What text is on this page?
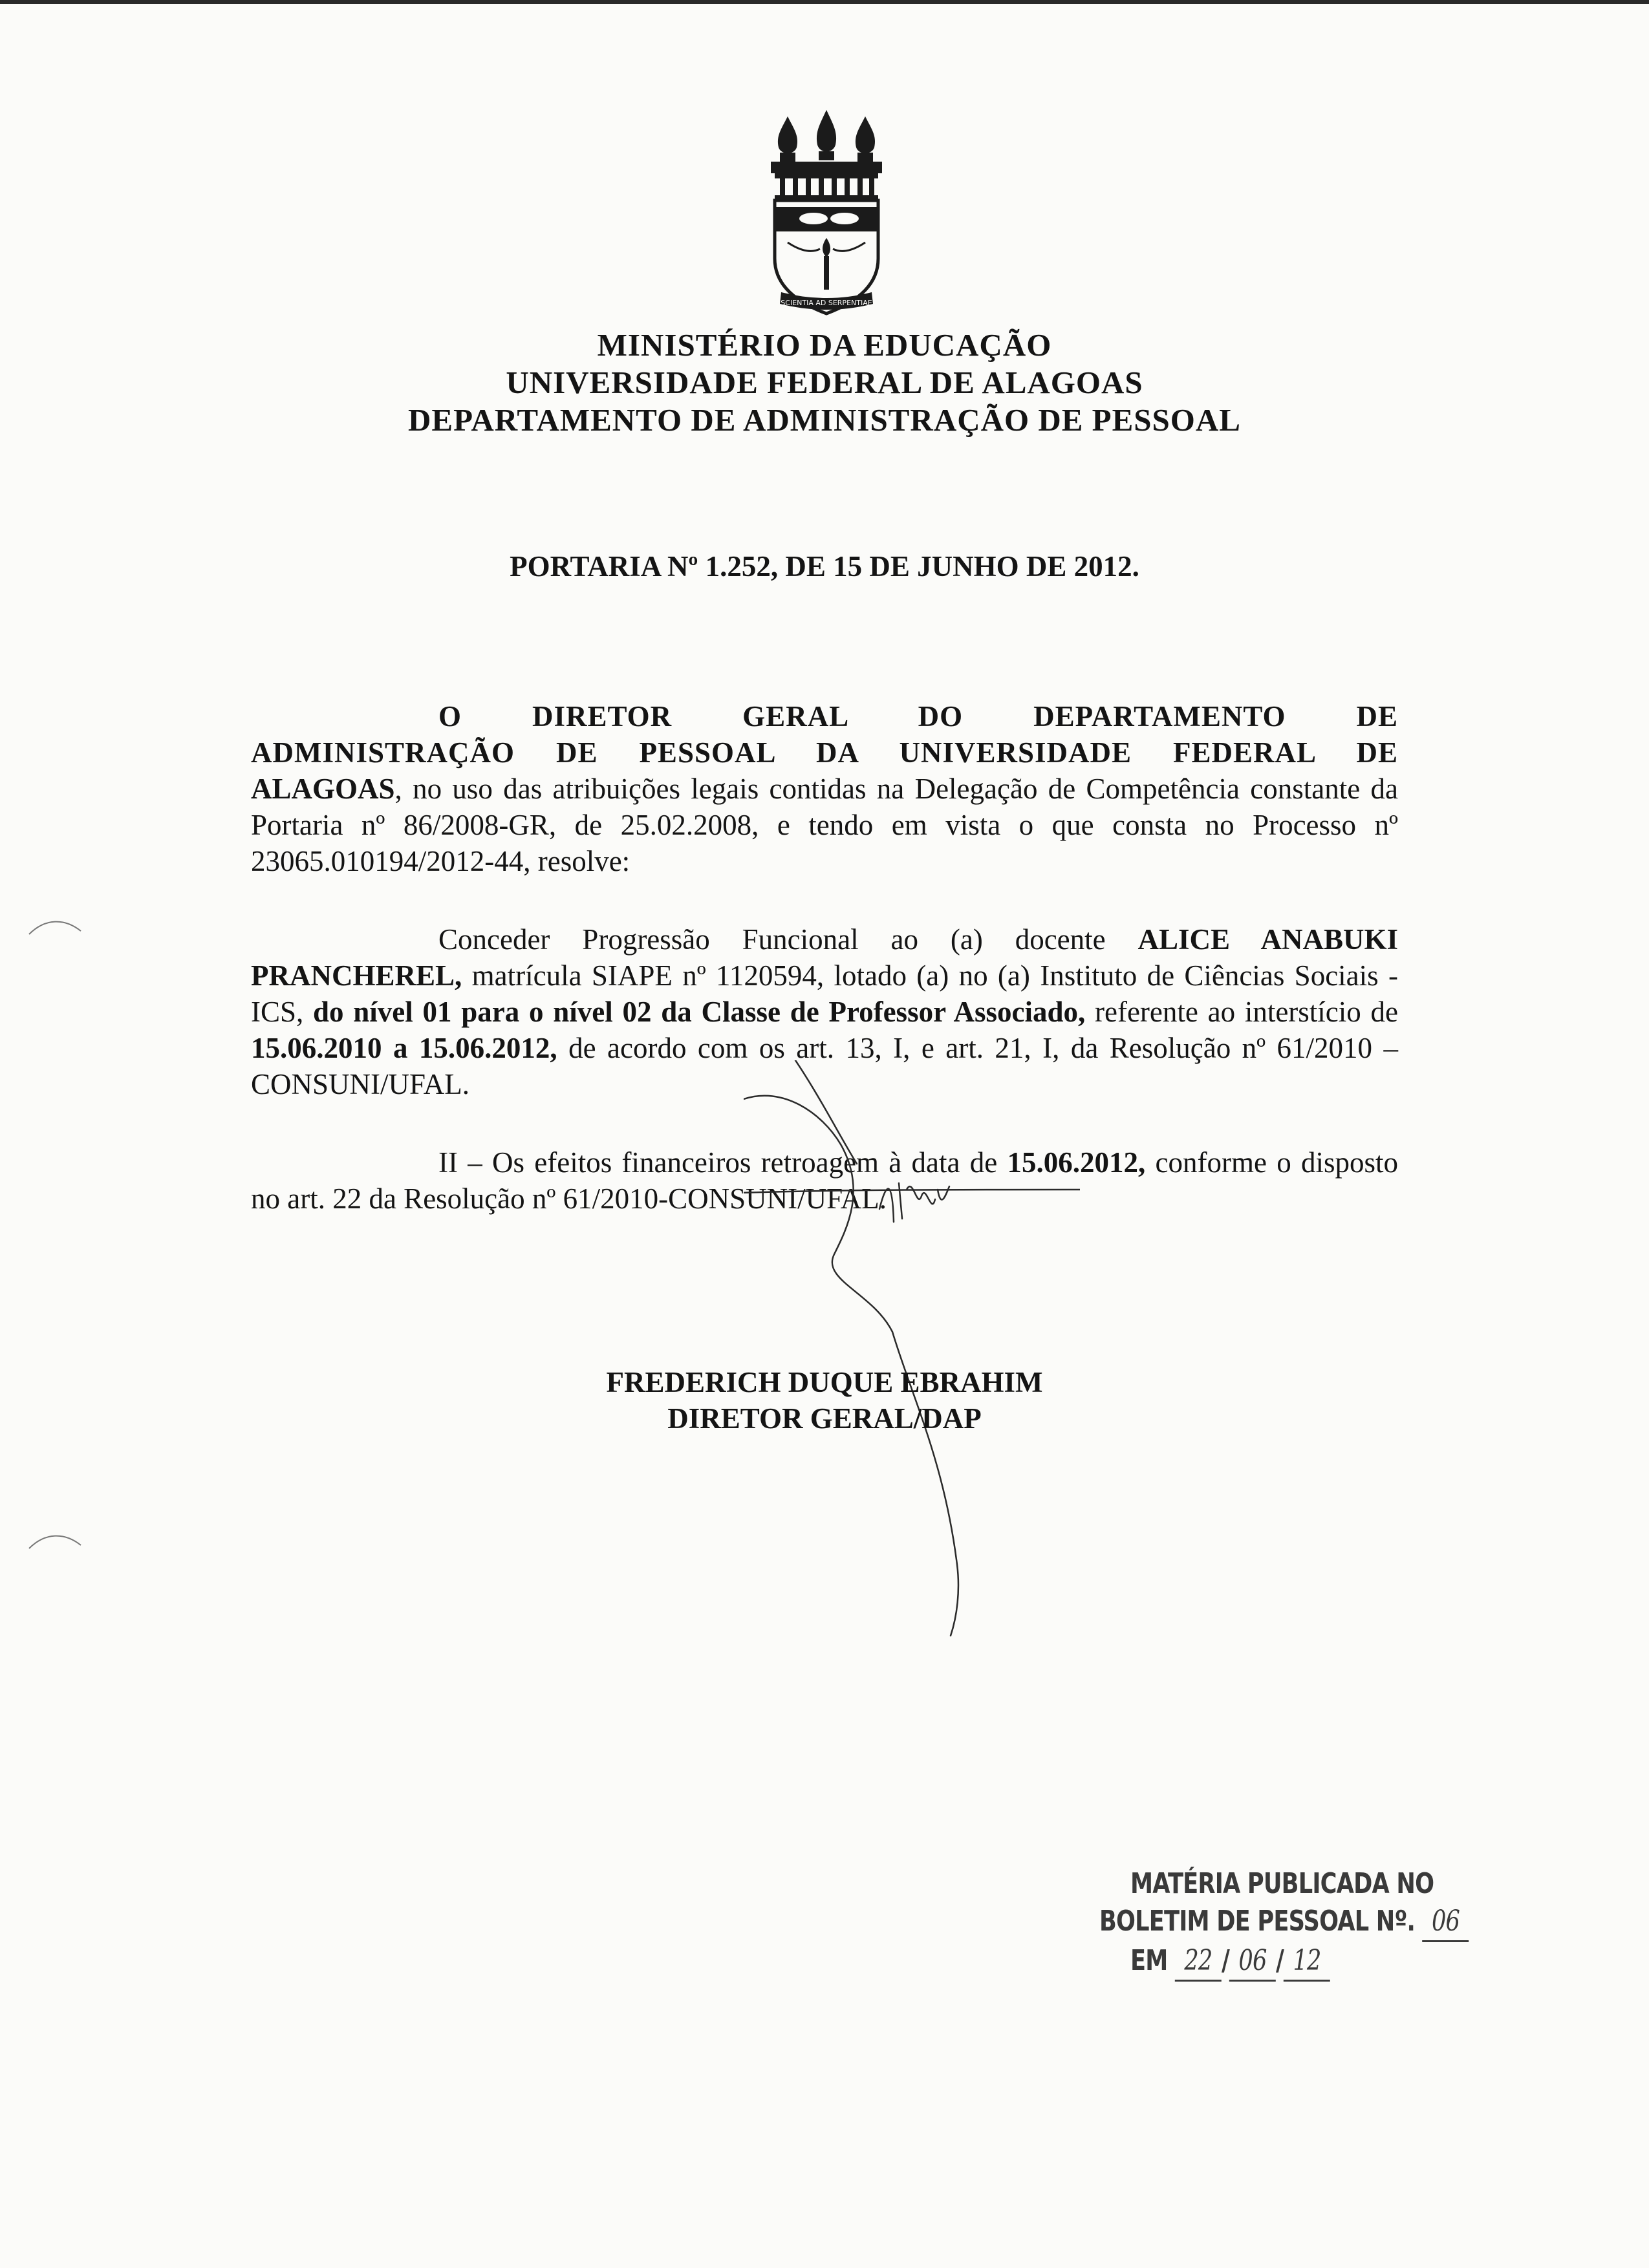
SCIENTIA AD SERPENTIAE
MINISTÉRIO DA EDUCAÇÃO
UNIVERSIDADE FEDERAL DE ALAGOAS
DEPARTAMENTO DE ADMINISTRAÇÃO DE PESSOAL
PORTARIA Nº 1.252, DE 15 DE JUNHO DE 2012.
O DIRETOR GERAL DO DEPARTAMENTO DE
ADMINISTRAÇÃO DE PESSOAL DA UNIVERSIDADE FEDERAL DE
ALAGOAS, no uso das atribuições legais contidas na Delegação de Competência constante da Portaria nº 86/2008-GR, de 25.02.2008, e tendo em vista o que consta no Processo nº 23065.010194/2012-44, resolve:
Conceder Progressão Funcional ao (a) docente ALICE ANABUKI PRANCHEREL, matrícula SIAPE nº 1120594, lotado (a) no (a) Instituto de Ciências Sociais - ICS, do nível 01 para o nível 02 da Classe de Professor Associado, referente ao interstício de 15.06.2010 a 15.06.2012, de acordo com os art. 13, I, e art. 21, I, da Resolução nº 61/2010 – CONSUNI/UFAL.
II – Os efeitos financeiros retroagem à data de 15.06.2012, conforme o disposto no art. 22 da Resolução nº 61/2010-CONSUNI/UFAL.
FREDERICH DUQUE EBRAHIM
DIRETOR GERAL/DAP
MATÉRIA PUBLICADA NO
BOLETIM DE PESSOAL Nº. 06
EM 22 / 06 / 12
